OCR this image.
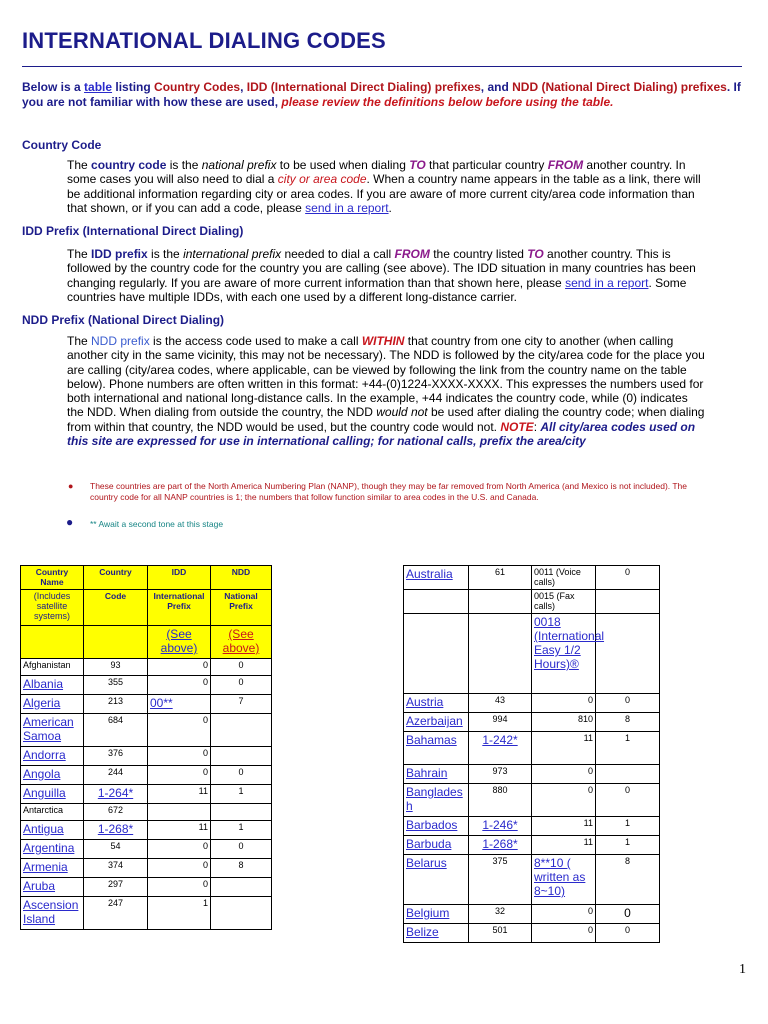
INTERNATIONAL DIALING CODES
Below is a table listing Country Codes, IDD (International Direct Dialing) prefixes, and NDD (National Direct Dialing) prefixes. If you are not familiar with how these are used, please review the definitions below before using the table.
Country Code
The country code is the national prefix to be used when dialing TO that particular country FROM another country. In some cases you will also need to dial a city or area code. When a country name appears in the table as a link, there will be additional information regarding city or area codes. If you are aware of more current city/area code information than that shown, or if you can add a code, please send in a report.
IDD Prefix (International Direct Dialing)
The IDD prefix is the international prefix needed to dial a call FROM the country listed TO another country. This is followed by the country code for the country you are calling (see above). The IDD situation in many countries has been changing regularly. If you are aware of more current information than that shown here, please send in a report. Some countries have multiple IDDs, with each one used by a different long-distance carrier.
NDD Prefix (National Direct Dialing)
The NDD prefix is the access code used to make a call WITHIN that country from one city to another (when calling another city in the same vicinity, this may not be necessary). The NDD is followed by the city/area code for the place you are calling (city/area codes, where applicable, can be viewed by following the link from the country name on the table below). Phone numbers are often written in this format: +44-(0)1224-XXXX-XXXX. This expresses the numbers used for both international and national long-distance calls. In the example, +44 indicates the country code, while (0) indicates the NDD. When dialing from outside the country, the NDD would not be used after dialing the country code; when dialing from within that country, the NDD would be used, but the country code would not. NOTE: All city/area codes used on this site are expressed for use in international calling; for national calls, prefix the area/city
● These countries are part of the North America Numbering Plan (NANP), though they may be far removed from North America (and Mexico is not included). The country code for all NANP countries is 1; the numbers that follow function similar to area codes in the U.S. and Canada.
● ** Await a second tone at this stage
Country Name	Country	IDD	NDD
(Includes satellite systems)	Code	International Prefix	National Prefix
		(See above)	(See above)
Afghanistan	93	0	0
Albania	355	0	0
Algeria	213	00**	7
American Samoa	684	0	
Andorra	376	0	
Angola	244	0	0
Anguilla	1-264*	11	1
Antarctica	672		
Antigua	1-268*	11	1
Argentina	54	0	0
Armenia	374	0	8
Aruba	297	0	
Ascension Island	247	1	
Australia	61	0011 (Voice calls)	0
		0015 (Fax calls)	
		0018 (International Easy 1/2 Hours)®	
Austria	43	0	0
Azerbaijan	994	810	8
Bahamas	1-242*	11	1
Bahrain	973	0	
Banglades h	880	0	0
Barbados	1-246*	11	1
Barbuda	1-268*	11	1
Belarus	375	8**10 ( written as 8~10)	8
Belgium	32	0	0
Belize	501	0	0
1
